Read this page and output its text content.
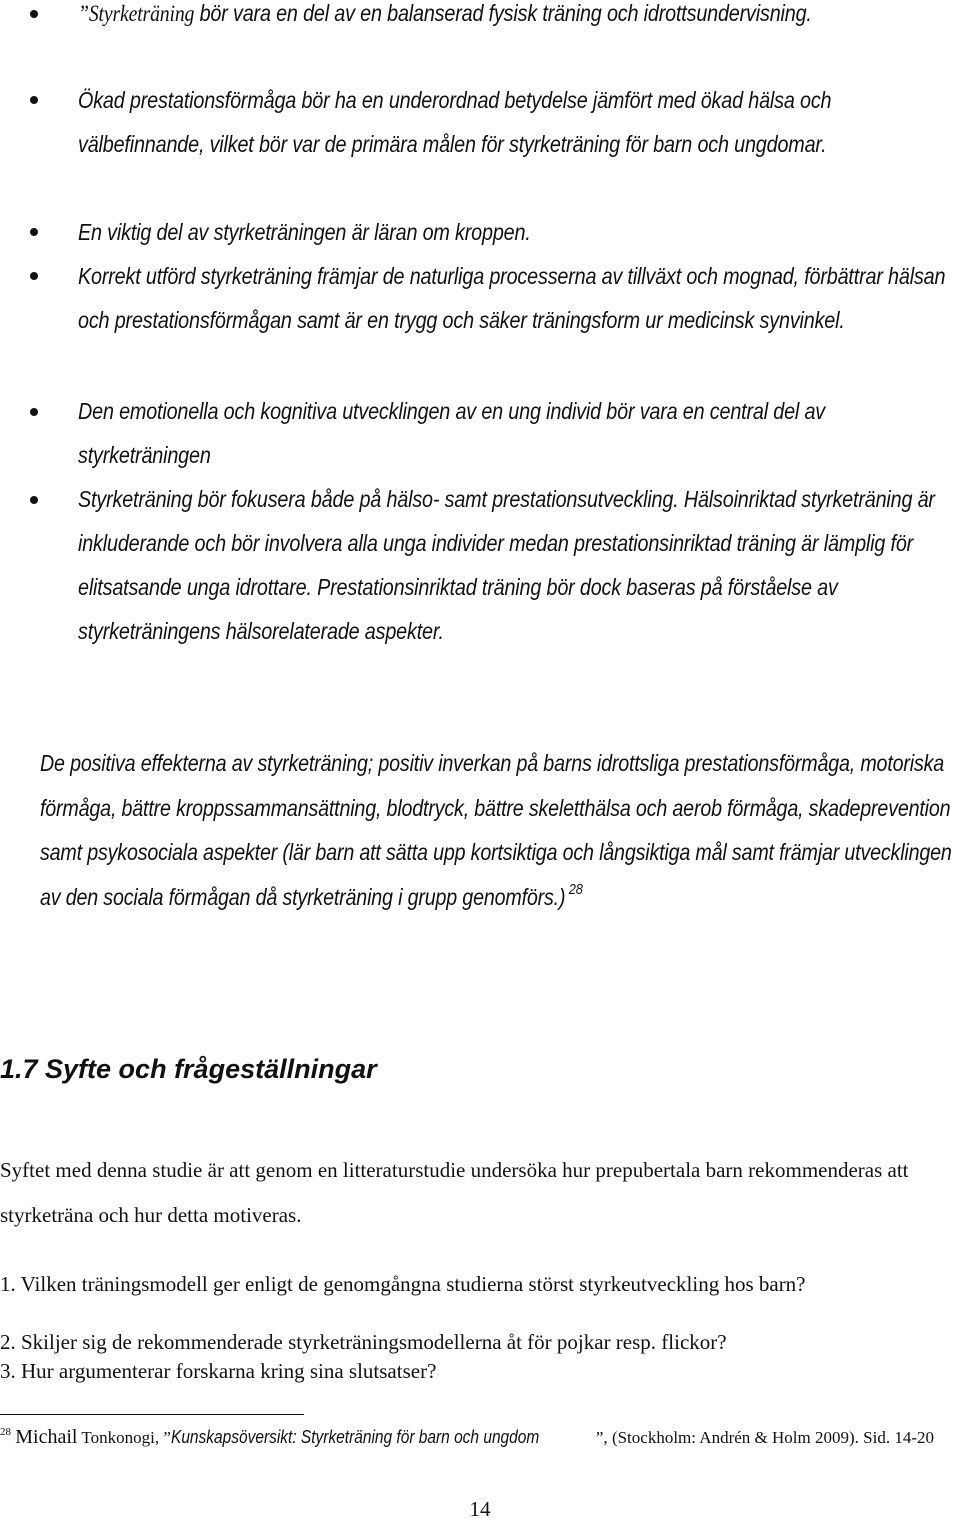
”Styrketräning bör vara en del av en balanserad fysisk träning och idrottsundervisning.

Ökad prestationsförmåga bör ha en underordnad betydelse jämfört med ökad hälsa och välbefinnande, vilket bör var de primära målen för styrketräning för barn och ungdomar.

En viktig del av styrketräningen är läran om kroppen.

Korrekt utförd styrketräning främjar de naturliga processerna av tillväxt och mognad, förbättrar hälsan och prestationsförmågan samt är en trygg och säker träningsform ur medicinsk synvinkel.

Den emotionella och kognitiva utvecklingen av en ung individ bör vara en central del av styrketräningen

Styrketräning bör fokusera både på hälso- samt prestationsutveckling. Hälsoinriktad styrketräning är inkluderande och bör involvera alla unga individer medan prestationsinriktad träning är lämplig för elitsatsande unga idrottare. Prestationsinriktad träning bör dock baseras på förståelse av styrketräningens hälsorelaterade aspekter.

De positiva effekterna av styrketräning; positiv inverkan på barns idrottsliga prestationsförmåga, motoriska förmåga, bättre kroppssammansättning, blodtryck, bättre skeletthälsa och aerob förmåga, skadeprevention samt psykosociala aspekter (lär barn att sätta upp kortsiktiga och långsiktiga mål samt främjar utvecklingen av den sociala förmågan då styrketräning i grupp genomförs.) $^{28}$

1.7 Syfte och frågeställningar

Syftet med denna studie är att genom en litteraturstudie undersöka hur prepubertala barn rekommenderas att styrketräna och hur detta motiveras.

1. Vilken träningsmodell ger enligt de genomgångna studierna störst styrkeutveckling hos barn?

2. Skiljer sig de rekommenderade styrketräningsmodellerna åt för pojkar resp. flickor?

3. Hur argumenterar forskarna kring sina slutsatser?

$^{28}$ Michail Tonkonogi, ”Kunskapsöversikt: Styrketräning för barn och ungdom	”, (Stockholm: Andrén & Holm 2009). Sid. 14-20

14
